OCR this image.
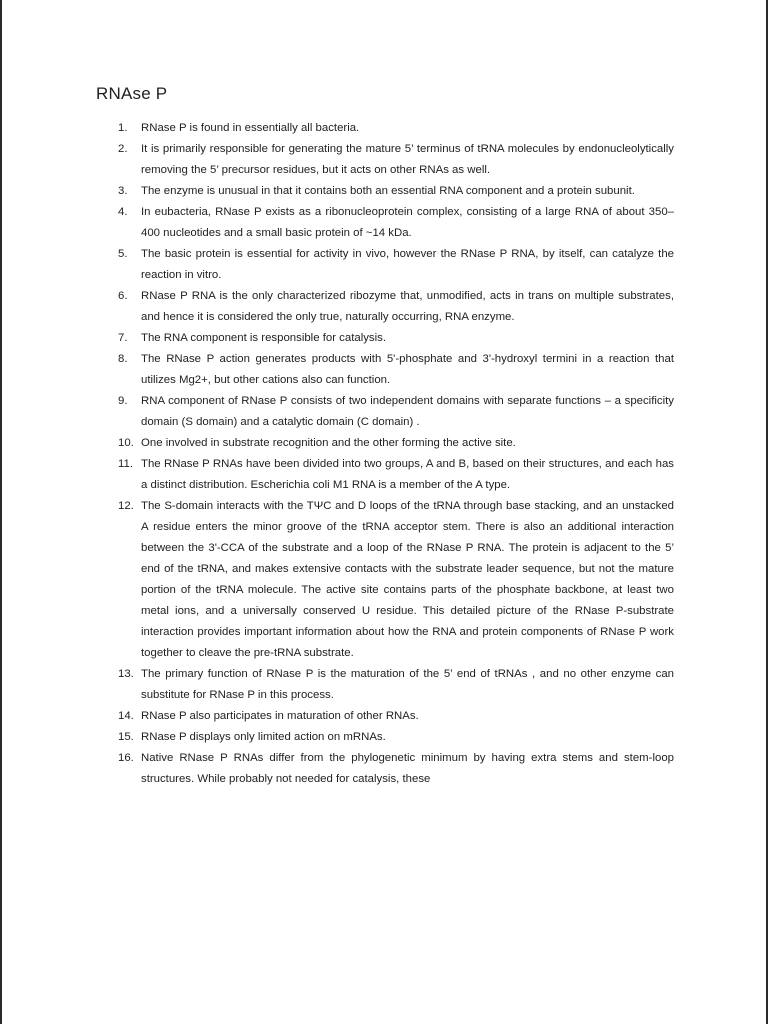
RNAse P
1.	RNase P is found in essentially all bacteria.
2.	It is primarily responsible for generating the mature 5’ terminus of tRNA molecules by endonucleolytically removing the 5’ precursor residues, but it acts on other RNAs as well.
3.	The enzyme is unusual in that it contains both an essential RNA component and a protein subunit.
4.	In eubacteria, RNase P exists as a ribonucleoprotein complex, consisting of a large RNA of about 350–400 nucleotides and a small basic protein of ~14 kDa.
5.	The basic protein is essential for activity in vivo, however the RNase P RNA, by itself, can catalyze the reaction in vitro.
6.	RNase P RNA is the only characterized ribozyme that, unmodified, acts in trans on multiple substrates, and hence it is considered the only true, naturally occurring, RNA enzyme.
7.	The RNA component is responsible for catalysis.
8.	The RNase P action generates products with 5'-phosphate and 3'-hydroxyl termini in a reaction that utilizes Mg2+, but other cations also can function.
9.	RNA component of RNase P consists of two independent domains with separate functions – a specificity domain (S domain) and a catalytic domain (C domain) .
10. One involved in substrate recognition and the other forming the active site.
11. The RNase P RNAs have been divided into two groups, A and B, based on their structures, and each has a distinct distribution. Escherichia coli M1 RNA is a member of the A type.
12. The S-domain interacts with the TΨC and D loops of the tRNA through base stacking, and an unstacked A residue enters the minor groove of the tRNA acceptor stem. There is also an additional interaction between the 3'-CCA of the substrate and a loop of the RNase P RNA. The protein is adjacent to the 5’ end of the tRNA, and makes extensive contacts with the substrate leader sequence, but not the mature portion of the tRNA molecule. The active site contains parts of the phosphate backbone, at least two metal ions, and a universally conserved U residue. This detailed picture of the RNase P-substrate interaction provides important information about how the RNA and protein components of RNase P work together to cleave the pre-tRNA substrate.
13. The primary function of RNase P is the maturation of the 5’ end of tRNAs , and no other enzyme can substitute for RNase P in this process.
14. RNase P also participates in maturation of other RNAs.
15. RNase P displays only limited action on mRNAs.
16. Native RNase P RNAs differ from the phylogenetic minimum by having extra stems and stem-loop structures. While probably not needed for catalysis, these
